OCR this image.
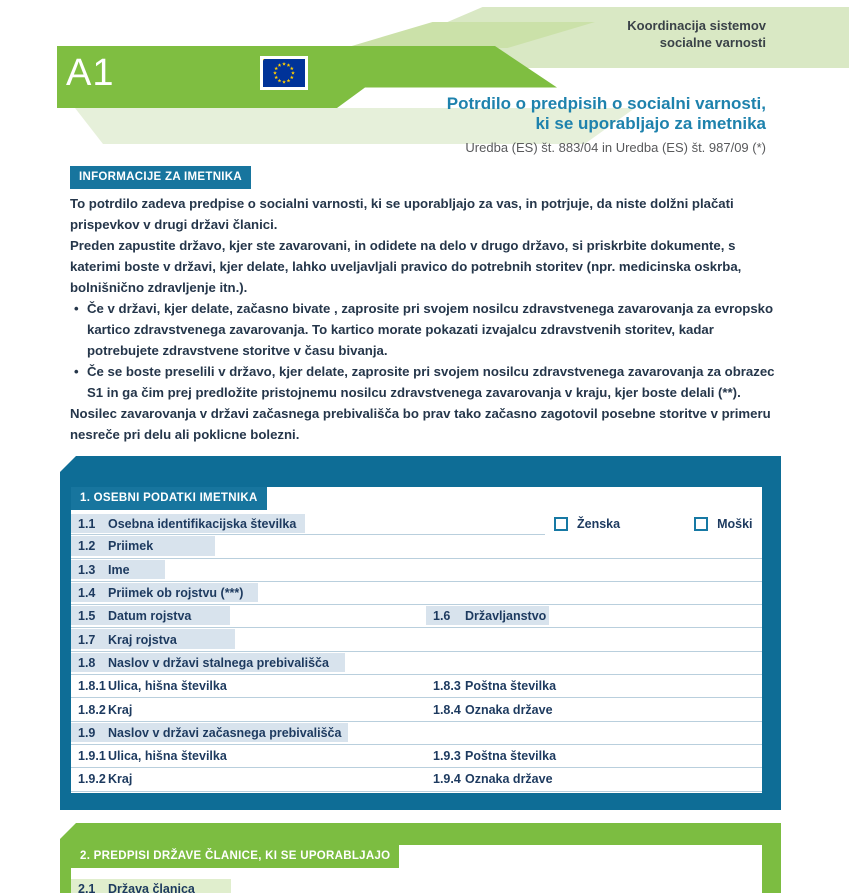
A1
Koordinacija sistemov
socialne varnosti
Potrdilo o predpisih o socialni varnosti,
ki se uporabljajo za imetnika
Uredba (ES) št. 883/04 in Uredba (ES) št. 987/09 (*)
INFORMACIJE ZA IMETNIKA

To potrdilo zadeva predpise o socialni varnosti, ki se uporabljajo za vas, in potrjuje, da niste dolžni plačati prispevkov v drugi državi članici.

Preden zapustite državo, kjer ste zavarovani, in odidete na delo v drugo državo, si priskrbite dokumente, s katerimi boste v državi, kjer delate, lahko uveljavljali pravico do potrebnih storitev (npr. medicinska oskrba, bolnišnično zdravljenje itn.).

• Če v državi, kjer delate, začasno bivate , zaprosite pri svojem nosilcu zdravstvenega zavarovanja za evropsko kartico zdravstvenega zavarovanja. To kartico morate pokazati izvajalcu zdravstvenih storitev, kadar potrebujete zdravstvene storitve v času bivanja.
• Če se boste preselili v državo, kjer delate, zaprosite pri svojem nosilcu zdravstvenega zavarovanja za obrazec S1 in ga čim prej predložite pristojnemu nosilcu zdravstvenega zavarovanja v kraju, kjer boste delali (**).

Nosilec zavarovanja v državi začasnega prebivališča bo prav tako začasno zagotovil posebne storitve v primeru nesreče pri delu ali poklicne bolezni.

1. OSEBNI PODATKI IMETNIKA
1.1	Osebna identifikacijska številka	Ženska	Moški
1.2	Priimek
1.3	Ime
1.4	Priimek ob rojstvu (***)
1.5	Datum rojstva	1.6	Državljanstvo
1.7	Kraj rojstva
1.8	Naslov v državi stalnega prebivališča
1.8.1 Ulica, hišna številka	1.8.3 Poštna številka
1.8.2 Kraj	1.8.4 Oznaka države
1.9	Naslov v državi začasnega prebivališča
1.9.1 Ulica, hišna številka	1.9.3 Poštna številka
1.9.2 Kraj	1.9.4 Oznaka države
2. PREDPISI DRŽAVE ČLANICE, KI SE UPORABLJAJO
2.1	Država članica
